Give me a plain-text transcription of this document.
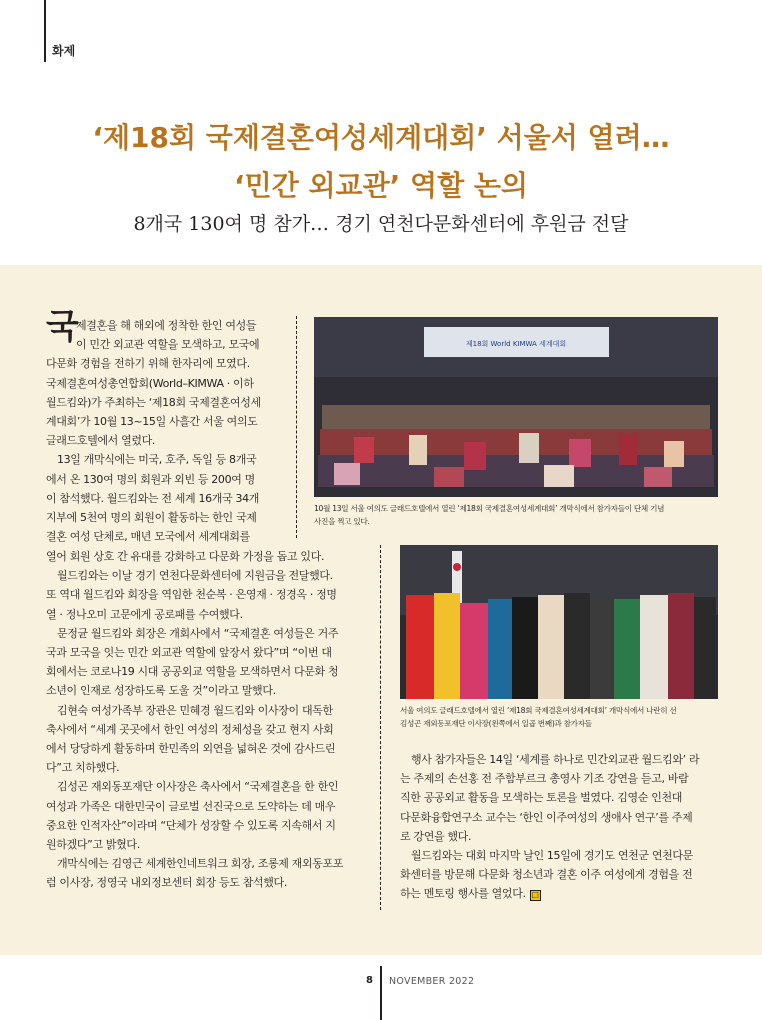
화제
‘제18회 국제결혼여성세계대회’ 서울서 열려…
‘민간 외교관’ 역할 논의
8개국 130여 명 참가… 경기 연천다문화센터에 후원금 전달
국

제결혼을 해 해외에 정착한 한인 여성들

이 민간 외교관 역할을 모색하고, 모국에

다문화 경험을 전하기 위해 한자리에 모였다.

국제결혼여성총연합회(World–KIMWA · 이하

월드킴와)가 주최하는 ‘제18회 국제결혼여성세

계대회’가 10월 13~15일 사흘간 서울 여의도

글래드호텔에서 열렸다.

13일 개막식에는 미국, 호주, 독일 등 8개국

에서 온 130여 명의 회원과 외빈 등 200여 명

이 참석했다. 월드킴와는 전 세계 16개국 34개

지부에 5천여 명의 회원이 활동하는 한인 국제

결혼 여성 단체로, 매년 모국에서 세계대회를

열어 회원 상호 간 유대를 강화하고 다문화 가정을 돕고 있다.

월드킴와는 이날 경기 연천다문화센터에 지원금을 전달했다.

또 역대 월드킴와 회장을 역임한 천순복 · 은영재 · 정경옥 · 정명

열 · 정나오미 고문에게 공로패를 수여했다.

문정균 월드킴와 회장은 개회사에서 “국제결혼 여성들은 거주

국과 모국을 잇는 민간 외교관 역할에 앞장서 왔다”며 “이번 대

회에서는 코로나19 시대 공공외교 역할을 모색하면서 다문화 청

소년이 인재로 성장하도록 도울 것”이라고 말했다.

김현숙 여성가족부 장관은 민혜경 월드킴와 이사장이 대독한

축사에서 “세계 곳곳에서 한인 여성의 정체성을 갖고 현지 사회

에서 당당하게 활동하며 한민족의 외연을 넓혀온 것에 감사드린

다”고 치하했다.

김성곤 재외동포재단 이사장은 축사에서 “국제결혼을 한 한인

여성과 가족은 대한민국이 글로벌 선진국으로 도약하는 데 매우

중요한 인적자산”이라며 “단체가 성장할 수 있도록 지속해서 지

원하겠다”고 밝혔다.

개막식에는 김영근 세계한인네트워크 회장, 조롱제 재외동포포

럼 이사장, 정영국 내외정보센터 회장 등도 참석했다.

제18회 World KIMWA 세계대회

10월 13일 서울 여의도 글래드호텔에서 열린 ‘제18회 국제결혼여성세계대회’ 개막식에서 참가자들이 단체 기념

사진을 찍고 있다.

서울 여의도 글래드호텔에서 열린 ‘제18회 국제결혼여성세계대회’ 개막식에서 나란히 선

김성곤 재외동포재단 이사장(왼쪽에서 일곱 번째)과 참가자들

행사 참가자들은 14일 ‘세계를 하나로 민간외교관 월드킴와’ 라

는 주제의 손선홍 전 주함부르크 총영사 기조 강연을 듣고, 바람

직한 공공외교 활동을 모색하는 토론을 벌였다. 김영순 인천대

다문화융합연구소 교수는 ‘한인 이주여성의 생애사 연구’를 주제

로 강연을 했다.

월드킴와는 대회 마지막 날인 15일에 경기도 연천군 연천다문

화센터를 방문해 다문화 청소년과 결혼 이주 여성에게 경험을 전

하는 멘토링 행사를 열었다. ☐

8 NOVEMBER 2022
